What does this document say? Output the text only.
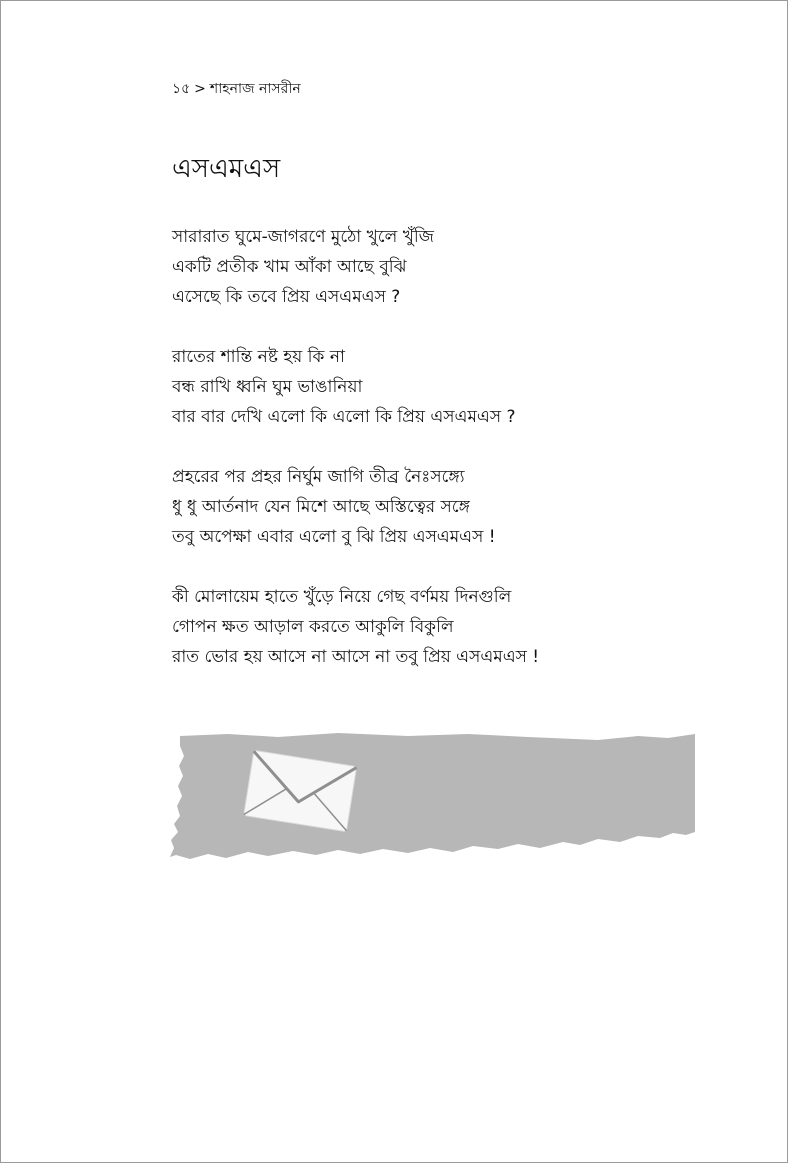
১৫ > শাহনাজ নাসরীন
এসএমএস
সারারাত ঘুমে-জাগরণে মুঠো খুলে খুঁজি
একটি প্রতীক খাম আঁকা আছে বুঝি
এসেছে কি তবে প্রিয় এসএমএস ?
রাতের শান্তি নষ্ট হয় কি না
বন্ধ রাখি ধ্বনি ঘুম ভাঙানিয়া
বার বার দেখি এলো কি এলো কি প্রিয় এসএমএস ?
প্রহরের পর প্রহর নির্ঘুম জাগি তীব্র নৈঃসঙ্গ্যে
ধু ধু আর্তনাদ যেন মিশে আছে অস্তিত্বের সঙ্গে
তবু অপেক্ষা এবার এলো বু ঝি প্রিয় এসএমএস !
কী মোলায়েম হাতে খুঁড়ে নিয়ে গেছ বর্ণময় দিনগুলি
গোপন ক্ষত আড়াল করতে আকুলি বিকুলি
রাত ভোর হয় আসে না আসে না তবু প্রিয় এসএমএস !
